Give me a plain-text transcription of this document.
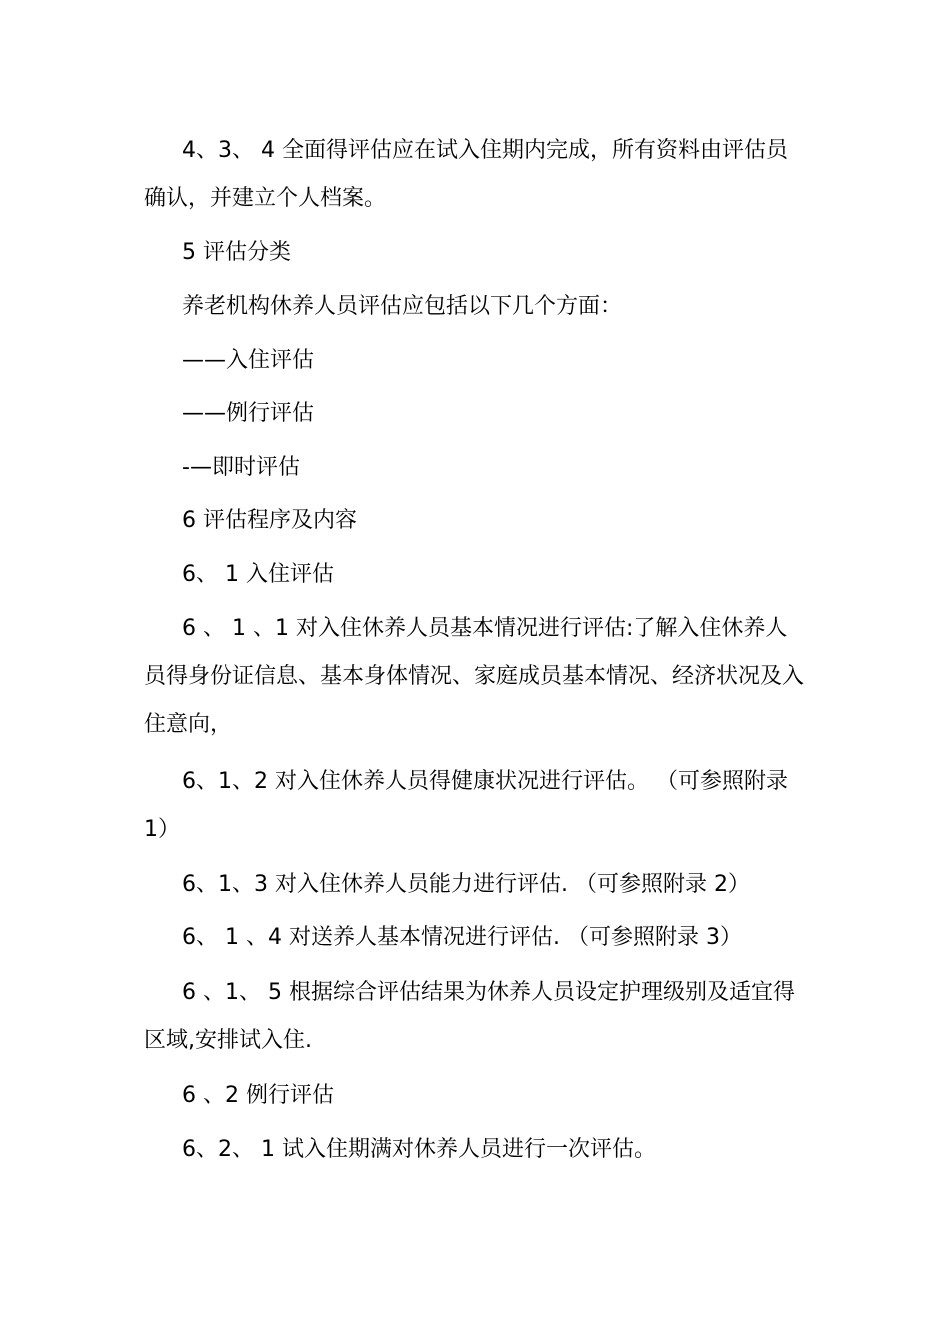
4、3、 4 全面得评估应在试入住期内完成，所有资料由评估员确认，并建立个人档案。

5 评估分类

养老机构休养人员评估应包括以下几个方面：

——入住评估

——例行评估

-—即时评估

6 评估程序及内容

6、 1 入住评估

6 、 1 、1 对入住休养人员基本情况进行评估:了解入住休养人员得身份证信息、基本身体情况、家庭成员基本情况、经济状况及入住意向，

6、1、2 对入住休养人员得健康状况进行评估。 （可参照附录1）

6、1、3 对入住休养人员能力进行评估. （可参照附录 2）

6、 1 、4 对送养人基本情况进行评估. （可参照附录 3）

6 、1、 5 根据综合评估结果为休养人员设定护理级别及适宜得区域,安排试入住.

6 、2 例行评估

6、2、 1 试入住期满对休养人员进行一次评估。
